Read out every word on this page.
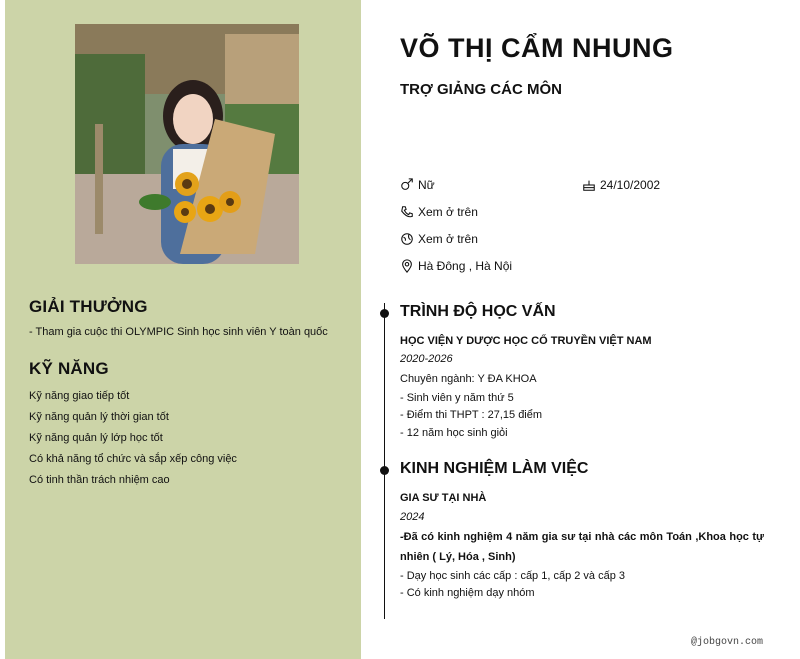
GIẢI THƯỞNG
- Tham gia cuộc thi OLYMPIC Sinh học sinh viên Y toàn quốc
KỸ NĂNG
Kỹ năng giao tiếp tốt
Kỹ năng quản lý thời gian tốt
Kỹ năng quản lý lớp học tốt
Có khả năng tổ chức và sắp xếp công việc
Có tinh thần trách nhiệm cao
VÕ THỊ CẨM NHUNG
TRỢ GIẢNG CÁC MÔN
Nữ	24/10/2002
Xem ở trên
Xem ở trên
Hà Đông , Hà Nội
TRÌNH ĐỘ HỌC VẤN
HỌC VIỆN Y DƯỢC HỌC CỔ TRUYỀN VIỆT NAM
2020-2026
Chuyên ngành: Y ĐA KHOA
- Sinh viên y năm thứ 5
- Điểm thi THPT : 27,15 điểm
- 12 năm học sinh giỏi
KINH NGHIỆM LÀM VIỆC
GIA SƯ TẠI NHÀ
2024
-Đã có kinh nghiệm 4 năm gia sư tại nhà các môn Toán ,Khoa học tự nhiên ( Lý, Hóa , Sinh)
- Dạy học sinh các cấp : cấp 1, cấp 2 và cấp 3
- Có kinh nghiệm dạy nhóm
@jobgovn.com
